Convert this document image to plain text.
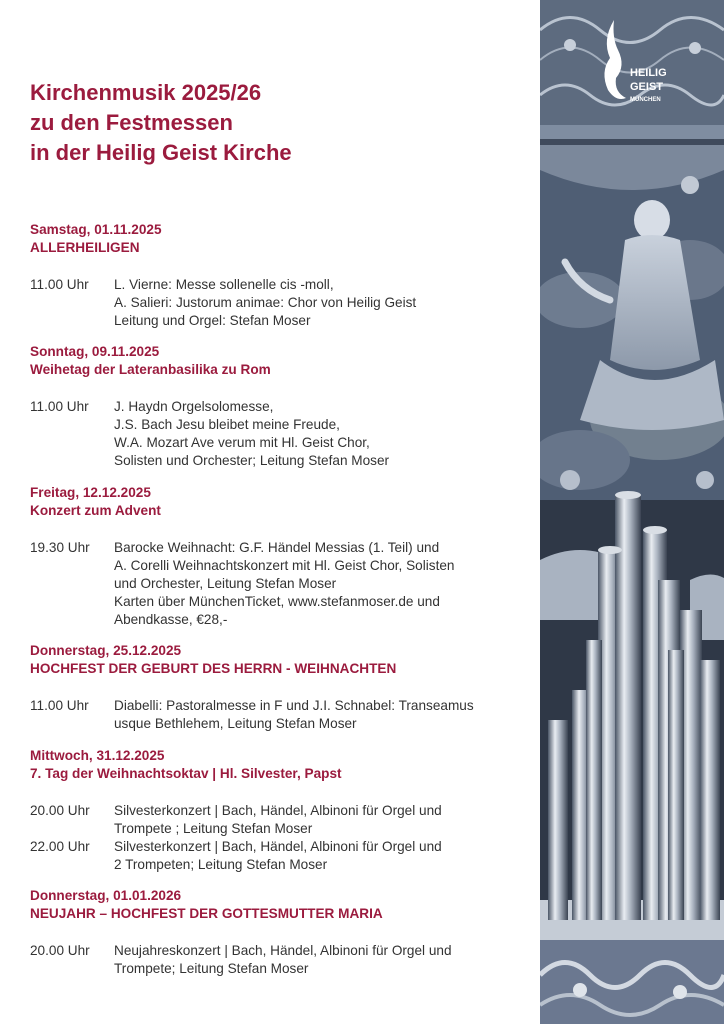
Kirchenmusik 2025/26
zu den Festmessen
in der Heilig Geist Kirche
Samstag, 01.11.2025
ALLERHEILIGEN
11.00 Uhr	L. Vierne: Messe sollenelle cis -moll,
A. Salieri: Justorum animae: Chor von Heilig Geist
Leitung und Orgel: Stefan Moser
Sonntag, 09.11.2025
Weihetag der Lateranbasilika zu Rom
11.00 Uhr	J. Haydn Orgelsolomesse,
J.S. Bach Jesu bleibet meine Freude,
W.A. Mozart Ave verum mit Hl. Geist Chor,
Solisten und Orchester; Leitung Stefan Moser
Freitag, 12.12.2025
Konzert zum Advent
19.30 Uhr	Barocke Weihnacht: G.F. Händel Messias (1. Teil) und
A. Corelli Weihnachtskonzert mit Hl. Geist Chor, Solisten
und Orchester, Leitung Stefan Moser
Karten über MünchenTicket, www.stefanmoser.de und
Abendkasse, €28,-
Donnerstag, 25.12.2025
HOCHFEST DER GEBURT DES HERRN - WEIHNACHTEN
11.00 Uhr	Diabelli: Pastoralmesse in F und J.I. Schnabel: Transeamus
usque Bethlehem, Leitung Stefan Moser
Mittwoch, 31.12.2025
7. Tag der Weihnachtsoktav | Hl. Silvester, Papst
20.00 Uhr	Silvesterkonzert | Bach, Händel, Albinoni für Orgel und
Trompete ; Leitung Stefan Moser
22.00 Uhr	Silvesterkonzert | Bach, Händel, Albinoni für Orgel und
2 Trompeten; Leitung Stefan Moser
Donnerstag, 01.01.2026
NEUJAHR – HOCHFEST DER GOTTESMUTTER MARIA
20.00 Uhr	Neujahreskonzert | Bach, Händel, Albinoni für Orgel und
Trompete; Leitung Stefan Moser
HEILIG
GEIST
MÜNCHEN
